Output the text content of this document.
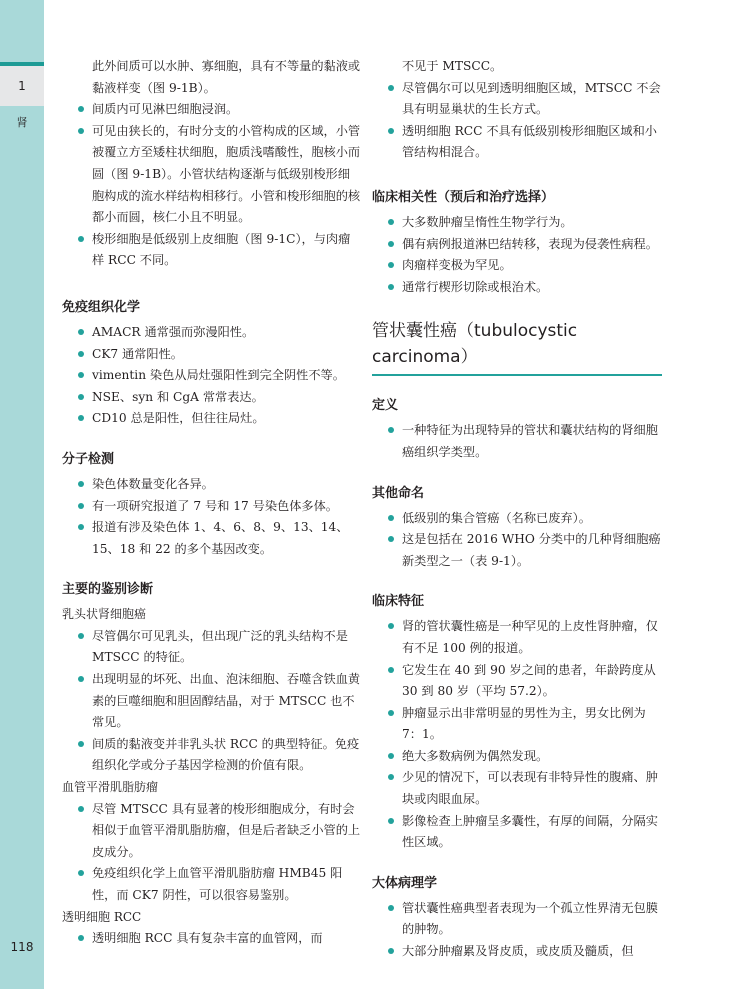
1
肾
118

此外间质可以水肿、寡细胞，具有不等量的黏液或黏液样变（图 9-1B）。

间质内可见淋巴细胞浸润。
可见由狭长的，有时分支的小管构成的区域，小管被覆立方至矮柱状细胞，胞质浅嗜酸性，胞核小而圆（图 9-1B）。小管状结构逐渐与低级别梭形细胞构成的流水样结构相移行。小管和梭形细胞的核都小而圆，核仁小且不明显。
梭形细胞是低级别上皮细胞（图 9-1C），与肉瘤样 RCC 不同。
免疫组织化学
AMACR 通常强而弥漫阳性。
CK7 通常阳性。
vimentin 染色从局灶强阳性到完全阴性不等。
NSE、syn 和 CgA 常常表达。
CD10 总是阳性，但往往局灶。
分子检测
染色体数量变化各异。
有一项研究报道了 7 号和 17 号染色体多体。
报道有涉及染色体 1、4、6、8、9、13、14、15、18 和 22 的多个基因改变。
主要的鉴别诊断

乳头状肾细胞癌

尽管偶尔可见乳头，但出现广泛的乳头结构不是 MTSCC 的特征。
出现明显的坏死、出血、泡沫细胞、吞噬含铁血黄素的巨噬细胞和胆固醇结晶，对于 MTSCC 也不常见。
间质的黏液变并非乳头状 RCC 的典型特征。免疫组织化学或分子基因学检测的价值有限。

血管平滑肌脂肪瘤

尽管 MTSCC 具有显著的梭形细胞成分，有时会相似于血管平滑肌脂肪瘤，但是后者缺乏小管的上皮成分。
免疫组织化学上血管平滑肌脂肪瘤 HMB45 阳性，而 CK7 阴性，可以很容易鉴别。

透明细胞 RCC

透明细胞 RCC 具有复杂丰富的血管网，而

不见于 MTSCC。

尽管偶尔可以见到透明细胞区域，MTSCC 不会具有明显巢状的生长方式。
透明细胞 RCC 不具有低级别梭形细胞区域和小管结构相混合。
临床相关性（预后和治疗选择）
大多数肿瘤呈惰性生物学行为。
偶有病例报道淋巴结转移，表现为侵袭性病程。
肉瘤样变极为罕见。
通常行楔形切除或根治术。
管状囊性癌（tubulocystic carcinoma）
定义
一种特征为出现特异的管状和囊状结构的肾细胞癌组织学类型。
其他命名
低级别的集合管癌（名称已废弃）。
这是包括在 2016 WHO 分类中的几种肾细胞癌新类型之一（表 9-1）。
临床特征
肾的管状囊性癌是一种罕见的上皮性肾肿瘤，仅有不足 100 例的报道。
它发生在 40 到 90 岁之间的患者，年龄跨度从 30 到 80 岁（平均 57.2）。
肿瘤显示出非常明显的男性为主，男女比例为 7：1。
绝大多数病例为偶然发现。
少见的情况下，可以表现有非特异性的腹痛、肿块或肉眼血尿。
影像检查上肿瘤呈多囊性，有厚的间隔，分隔实性区域。
大体病理学
管状囊性癌典型者表现为一个孤立性界清无包膜的肿物。
大部分肿瘤累及肾皮质，或皮质及髓质，但
